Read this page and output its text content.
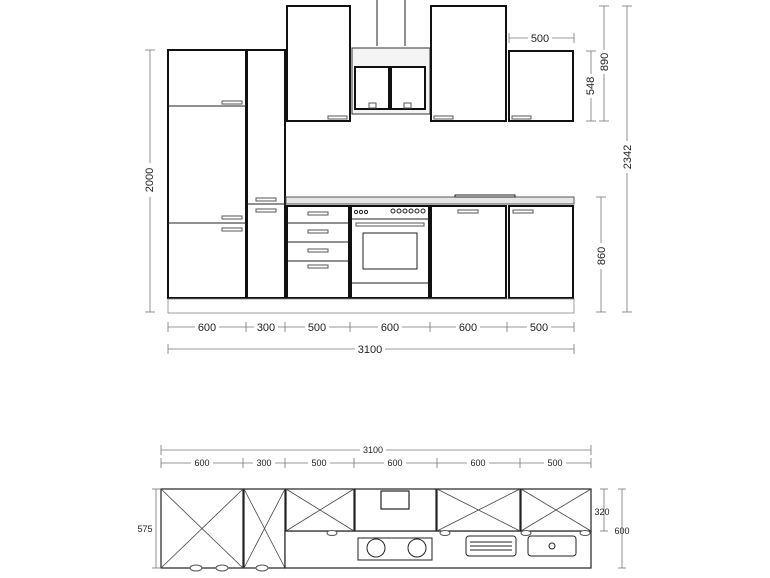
600	300	500	600	600	500
3100
2000
500
890
548
860
2342
3100
600	300	500	600	600	500
575
320
600
